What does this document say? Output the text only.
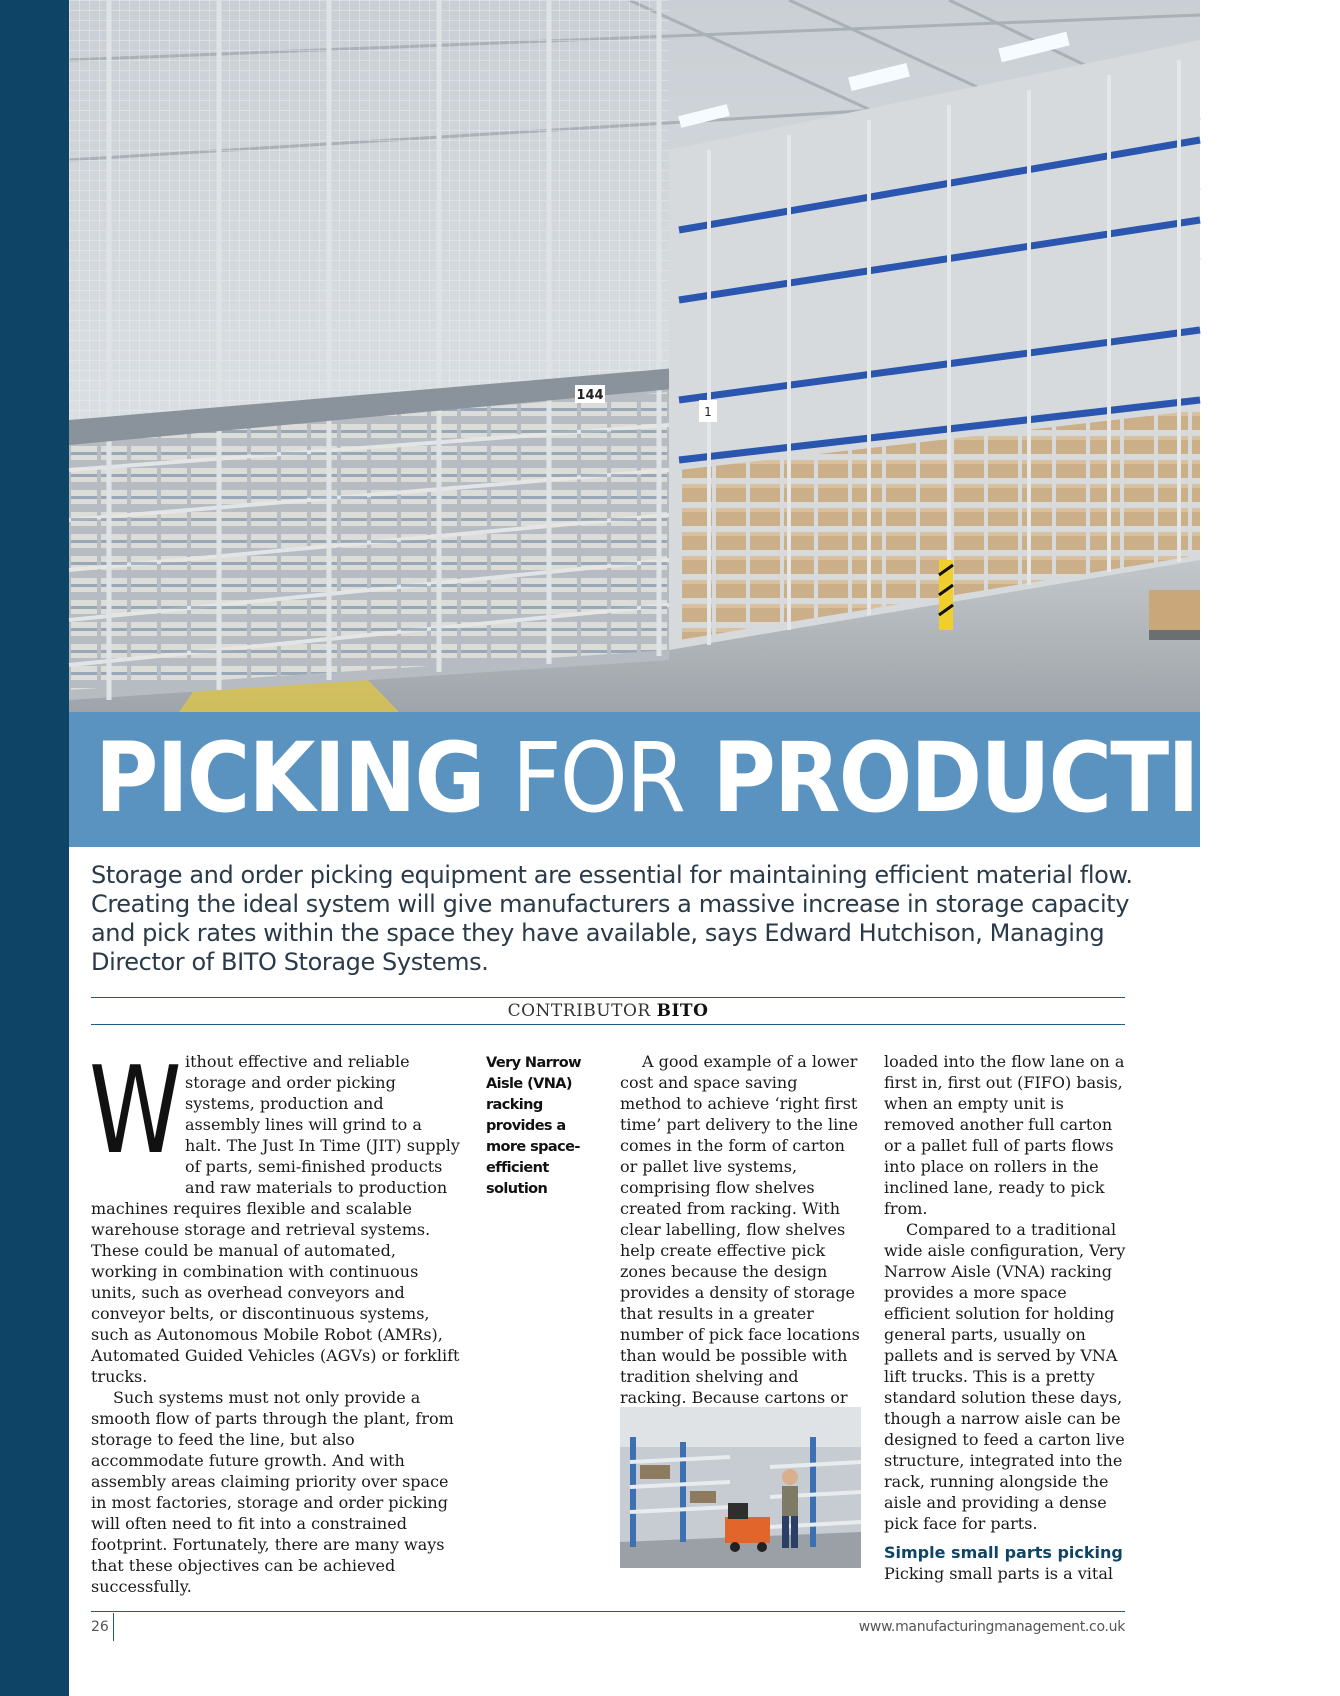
144
1
PICKING FOR PRODUCTION

Storage and order picking equipment are essential for maintaining efficient material flow. Creating the ideal system will give manufacturers a massive increase in storage capacity and pick rates within the space they have available, says Edward Hutchison, Managing Director of BITO Storage Systems.

CONTRIBUTOR BITO

Without effective and reliable storage and order picking systems, production and assembly lines will grind to a halt. The Just In Time (JIT) supply of parts, semi-finished products and raw materials to production machines requires flexible and scalable warehouse storage and retrieval systems. These could be manual of automated, working in combination with continuous units, such as overhead conveyors and conveyor belts, or discontinuous systems, such as Autonomous Mobile Robot (AMRs), Automated Guided Vehicles (AGVs) or forklift trucks.

Such systems must not only provide a smooth flow of parts through the plant, from storage to feed the line, but also accommodate future growth. And with assembly areas claiming priority over space in most factories, storage and order picking will often need to fit into a constrained footprint. Fortunately, there are many ways that these objectives can be achieved successfully.

Very Narrow Aisle (VNA) racking provides a more space-efficient solution

A good example of a lower cost and space saving method to achieve ‘right first time’ part delivery to the line comes in the form of carton or pallet live systems, comprising flow shelves created from racking. With clear labelling, flow shelves help create effective pick zones because the design provides a density of storage that results in a greater number of pick face locations than would be possible with tradition shelving and racking. Because cartons or

loaded into the flow lane on a first in, first out (FIFO) basis, when an empty unit is removed another full carton or a pallet full of parts flows into place on rollers in the inclined lane, ready to pick from.

Compared to a traditional wide aisle configuration, Very Narrow Aisle (VNA) racking provides a more space efficient solution for holding general parts, usually on pallets and is served by VNA lift trucks. This is a pretty standard solution these days, though a narrow aisle can be designed to feed a carton live structure, integrated into the rack, running alongside the aisle and providing a dense pick face for parts.

Simple small parts picking

Picking small parts is a vital

26	www.manufacturingmanagement.co.uk
